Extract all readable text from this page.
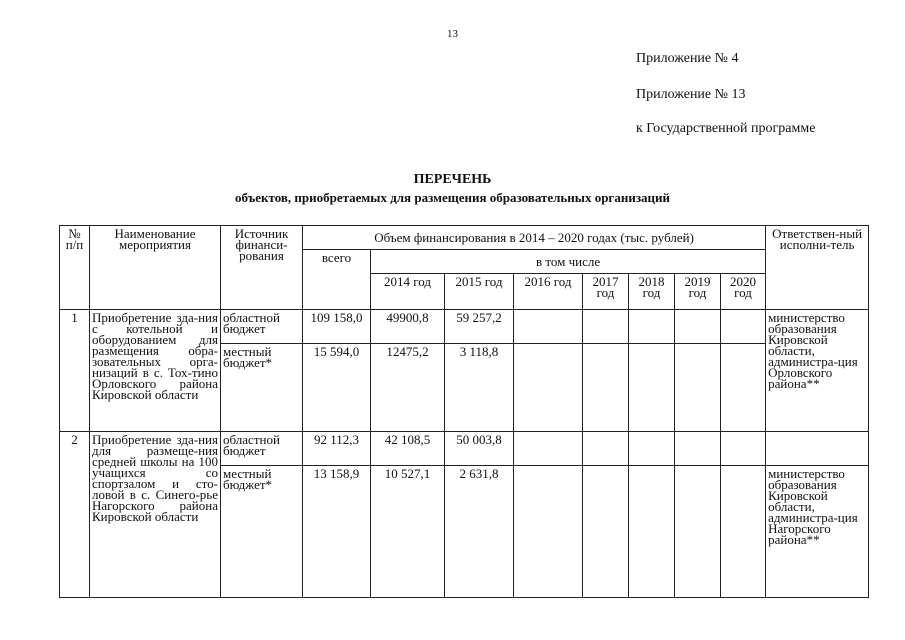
13
Приложение № 4
Приложение № 13
к Государственной программе
ПЕРЕЧЕНЬ
объектов, приобретаемых для размещения образовательных организаций
№ п/п	Наименование мероприятия	Источник финанси-рования	Объем финансирования в 2014 – 2020 годах (тыс. рублей)								Ответствен-ный исполни-тель
			всего	в том числе							
				2014 год	2015 год	2016 год	2017 год	2018 год	2019 год	2020 год	
1	Приобретение зда-ния с котельной и оборудованием для размещения обра-зовательных орга-низаций в с. Тох-тино Орловского района Кировской области	областной бюджет	109 158,0	49900,8	59 257,2						министерство образования Кировской области, администра-ция Орловского района**
		местный бюджет*	15 594,0	12475,2	3 118,8						
2	Приобретение зда-ния для размеще-ния средней школы на 100 учащихся со спортзалом и сто-ловой в с. Синего-рье Нагорского района Кировской области	областной бюджет	92 112,3	42 108,5	50 003,8						
		местный бюджет*	13 158,9	10 527,1	2 631,8						министерство образования Кировской области, администра-ция Нагорского района**
